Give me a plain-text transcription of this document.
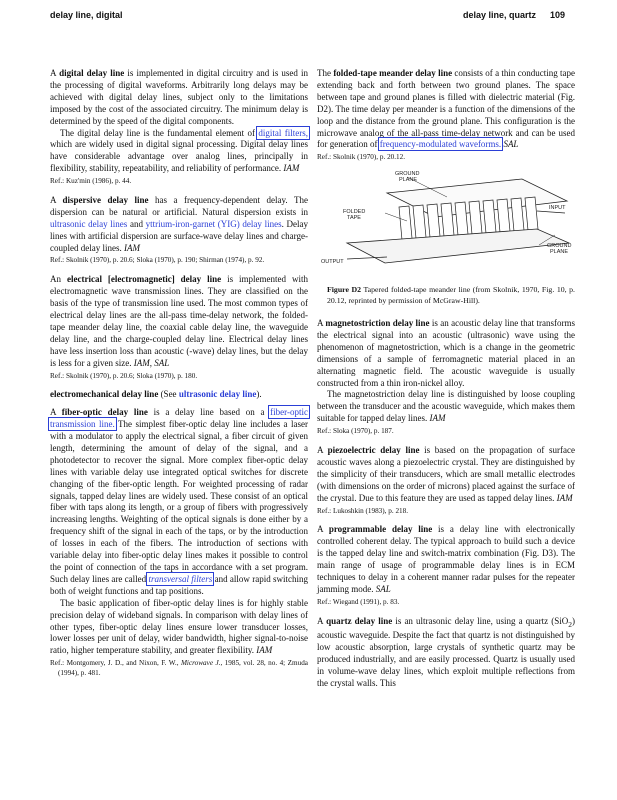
delay line, digital	delay line, quartz 109

A digital delay line is implemented in digital circuitry and is used in the processing of digital waveforms. Arbitrarily long delays may be achieved with digital delay lines, subject only to the limitations imposed by the cost of the associated circuitry. The minimum delay is determined by the speed of the digital components.

The digital delay line is the fundamental element of digital filters, which are widely used in digital signal processing. Digital delay lines have considerable advantage over analog lines, principally in flexibility, stability, repeatability, and reliability of performance. IAM

Ref.: Kuz'min (1986), p. 44.

A dispersive delay line has a frequency-dependent delay. The dispersion can be natural or artificial. Natural dispersion exists in ultrasonic delay lines and yttrium-iron-garnet (YIG) delay lines. Delay lines with artificial dispersion are surface-wave delay lines and charge-coupled delay lines. IAM

Ref.: Skolnik (1970), p. 20.6; Sloka (1970), p. 190; Shirman (1974), p. 92.

An electrical [electromagnetic] delay line is implemented with electromagnetic wave transmission lines. They are classified on the basis of the type of transmission line used. The most common types of electrical delay lines are the all-pass time-delay network, the folded-tape meander delay line, the coaxial cable delay line, the waveguide delay line, and the charge-coupled delay line. Electrical delay lines have less insertion loss than acoustic (-wave) delay lines, but the delay is less for a given size. IAM, SAL

Ref.: Skolnik (1970), p. 20.6; Sloka (1970), p. 180.

electromechanical delay line (See ultrasonic delay line).

A fiber-optic delay line is a delay line based on a fiber-optic transmission line. The simplest fiber-optic delay line includes a laser with a modulator to apply the electrical signal, a fiber circuit of given length, determining the amount of delay of the signal, and a photodetector to recover the signal. More complex fiber-optic delay lines with variable delay use integrated optical switches for discrete changing of the fiber-optic length. For weighted processing of radar signals, tapped delay lines are widely used. These consist of an optical fiber with taps along its length, or a group of fibers with progressively increasing lengths. Weighting of the optical signals is done either by a frequency shift of the signal in each of the taps, or by the introduction of losses in each of the fibers. The introduction of sections with variable delay into fiber-optic delay lines makes it possible to control the point of connection of the taps in accordance with a set program. Such delay lines are called transversal filters and allow rapid switching both of weight functions and tap positions.

The basic application of fiber-optic delay lines is for highly stable precision delay of wideband signals. In comparison with delay lines of other types, fiber-optic delay lines ensure lower transducer losses, lower losses per unit of delay, wider bandwidth, higher signal-to-noise ratio, higher temperature stability, and greater flexibility. IAM

Ref.: Montgomery, J. D., and Nixon, F. W., Microwave J., 1985, vol. 28, no. 4; Zmuda (1994), p. 481.

The folded-tape meander delay line consists of a thin conducting tape extending back and forth between two ground planes. The space between tape and ground planes is filled with dielectric material (Fig. D2). The time delay per meander is a function of the dimensions of the loop and the distance from the ground plane. This configuration is the microwave analog of the all-pass time-delay network and can be used for generation of frequency-modulated waveforms. SAL

Ref.: Skolnik (1970), p. 20.12.

GROUND
PLANE
FOLDED
TAPE
INPUT
GROUND
PLANE
OUTPUT

Figure D2 Tapered folded-tape meander line (from Skolnik, 1970, Fig. 10, p. 20.12, reprinted by permission of McGraw-Hill).

A magnetostriction delay line is an acoustic delay line that transforms the electrical signal into an acoustic (ultrasonic) wave using the phenomenon of magnetostriction, which is a change in the geometric dimensions of a sample of ferromagnetic material placed in an alternating magnetic field. The acoustic waveguide is usually constructed from a thin iron-nickel alloy.

The magnetostriction delay line is distinguished by loose coupling between the transducer and the acoustic waveguide, which makes them suitable for tapped delay lines. IAM

Ref.: Sloka (1970), p. 187.

A piezoelectric delay line is based on the propagation of surface acoustic waves along a piezoelectric crystal. They are distinguished by the simplicity of their transducers, which are small metallic electrodes (with dimensions on the order of microns) placed against the surface of the crystal. Due to this feature they are used as tapped delay lines. IAM

Ref.: Lukoshkin (1983), p. 218.

A programmable delay line is a delay line with electronically controlled coherent delay. The typical approach to build such a device is the tapped delay line and switch-matrix combination (Fig. D3). The main range of usage of programmable delay lines is in ECM techniques to delay in a coherent manner radar pulses for the repeater jamming mode. SAL

Ref.: Wiegand (1991), p. 83.

A quartz delay line is an ultrasonic delay line, using a quartz (SiO$_2$) acoustic waveguide. Despite the fact that quartz is not distinguished by low acoustic absorption, large crystals of synthetic quartz may be produced industrially, and are easily processed. Quartz is usually used in volume-wave delay lines, which exploit multiple reflections from the crystal walls. This
